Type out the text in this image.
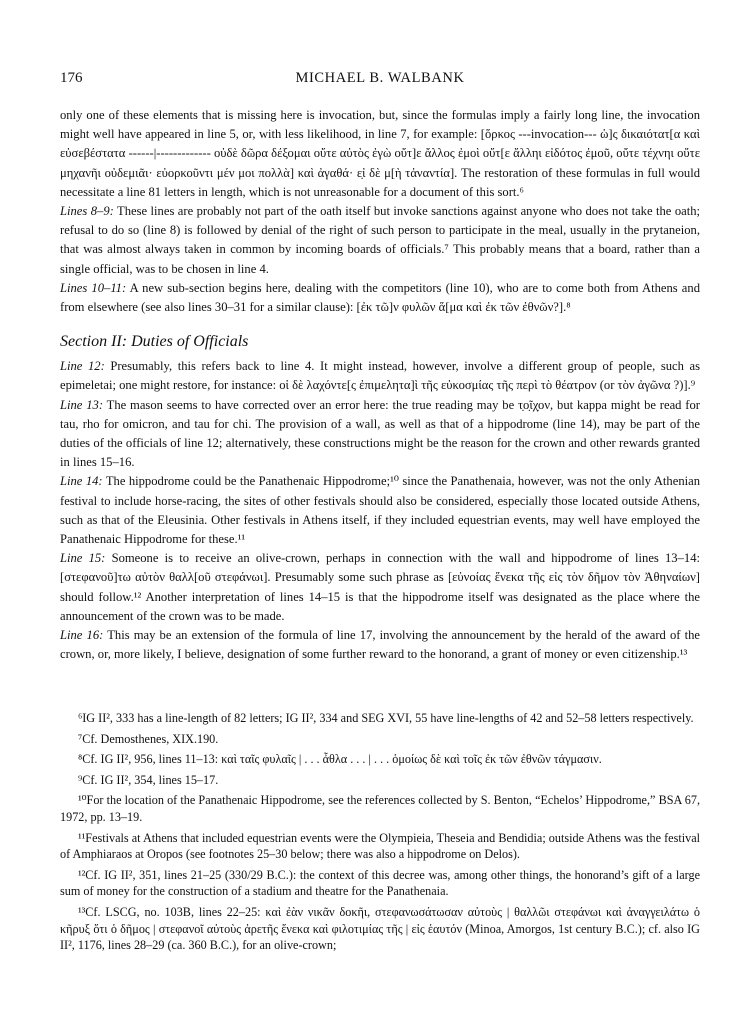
176	MICHAEL B. WALBANK

only one of these elements that is missing here is invocation, but, since the formulas imply a fairly long line, the invocation might well have appeared in line 5, or, with less likelihood, in line 7, for example: [ὅρκος ---invocation--- ὡ]ς δικαιότατ[α καὶ εὐσεβέστατα ------|------------- οὐδὲ δῶρα δέξομαι οὔτε αὐτὸς ἐγὼ οὔτ]ε ἄλλος ἐμοὶ οὔτ[ε ἄλληι εἰδότος ἐμοῦ, οὔτε τέχνηι οὔτε μηχανῆι οὐδεμιᾶι· εὐορκοῦντι μέν μοι πολλὰ] καὶ ἀγαθά· ε̣ἰ δὲ μ[ὴ τἀναντία]. The restoration of these formulas in full would necessitate a line 81 letters in length, which is not unreasonable for a document of this sort.⁶

Lines 8–9: These lines are probably not part of the oath itself but invoke sanctions against anyone who does not take the oath; refusal to do so (line 8) is followed by denial of the right of such person to participate in the meal, usually in the prytaneion, that was almost always taken in common by incoming boards of officials.⁷ This probably means that a board, rather than a single official, was to be chosen in line 4.

Lines 10–11: A new sub-section begins here, dealing with the competitors (line 10), who are to come both from Athens and from elsewhere (see also lines 30–31 for a similar clause): [ἐκ τῶ]ν φυλῶν ἅ[μα καὶ ἐκ τῶν ἐθνῶν?].⁸

Section II: Duties of Officials

Line 12: Presumably, this refers back to line 4. It might instead, however, involve a different group of people, such as epimeletai; one might restore, for instance: οἱ δὲ λαχόντε[ς ἐπιμελητα]ὶ τῆς εὐκοσμίας τῆς περὶ τὸ θέατρον (or τὸν ἀγῶνα ?)].⁹

Line 13: The mason seems to have corrected over an error here: the true reading may be τ̣ο̣ῖχ̣ον, but kappa might be read for tau, rho for omicron, and tau for chi. The provision of a wall, as well as that of a hippodrome (line 14), may be part of the duties of the officials of line 12; alternatively, these constructions might be the reason for the crown and other rewards granted in lines 15–16.

Line 14: The hippodrome could be the Panathenaic Hippodrome;¹⁰ since the Panathenaia, however, was not the only Athenian festival to include horse-racing, the sites of other festivals should also be considered, especially those located outside Athens, such as that of the Eleusinia. Other festivals in Athens itself, if they included equestrian events, may well have employed the Panathenaic Hippodrome for these.¹¹

Line 15: Someone is to receive an olive-crown, perhaps in connection with the wall and hippodrome of lines 13–14: [στεφανοῦ]τω αὐτὸν θαλλ[οῦ στεφάνωι]. Presumably some such phrase as [εὐνοίας ἕνεκα τῆς εἰς τὸν δῆμον τὸν Ἀθηναίων] should follow.¹² Another interpretation of lines 14–15 is that the hippodrome itself was designated as the place where the announcement of the crown was to be made.

Line 16: This may be an extension of the formula of line 17, involving the announcement by the herald of the award of the crown, or, more likely, I believe, designation of some further reward to the honorand, a grant of money or even citizenship.¹³

⁶IG II², 333 has a line-length of 82 letters; IG II², 334 and SEG XVI, 55 have line-lengths of 42 and 52–58 letters respectively.

⁷Cf. Demosthenes, XIX.190.

⁸Cf. IG II², 956, lines 11–13: καὶ ταῖς φυλαῖς | . . . ἆθλα . . . | . . . ὁμοίως δὲ καὶ τοῖς ἐκ τῶν ἐθνῶν τάγμασιν.

⁹Cf. IG II², 354, lines 15–17.

¹⁰For the location of the Panathenaic Hippodrome, see the references collected by S. Benton, “Echelos’ Hippodrome,” BSA 67, 1972, pp. 13–19.

¹¹Festivals at Athens that included equestrian events were the Olympieia, Theseia and Bendidia; outside Athens was the festival of Amphiaraos at Oropos (see footnotes 25–30 below; there was also a hippodrome on Delos).

¹²Cf. IG II², 351, lines 21–25 (330/29 B.C.): the context of this decree was, among other things, the honorand’s gift of a large sum of money for the construction of a stadium and theatre for the Panathenaia.

¹³Cf. LSCG, no. 103B, lines 22–25: καὶ ἐὰν νικᾶν δοκῆι, στεφανωσάτωσαν αὐτοὺς | θαλλῶι στεφάνωι καὶ ἀναγγειλάτω ὁ κῆρυξ ὅτι ὁ δῆμος | στεφανοῖ αὐτοὺς ἀρετῆς ἕνεκα καὶ φιλοτιμίας τῆς | εἰς ἑαυτόν (Minoa, Amorgos, 1st century B.C.); cf. also IG II², 1176, lines 28–29 (ca. 360 B.C.), for an olive-crown;
